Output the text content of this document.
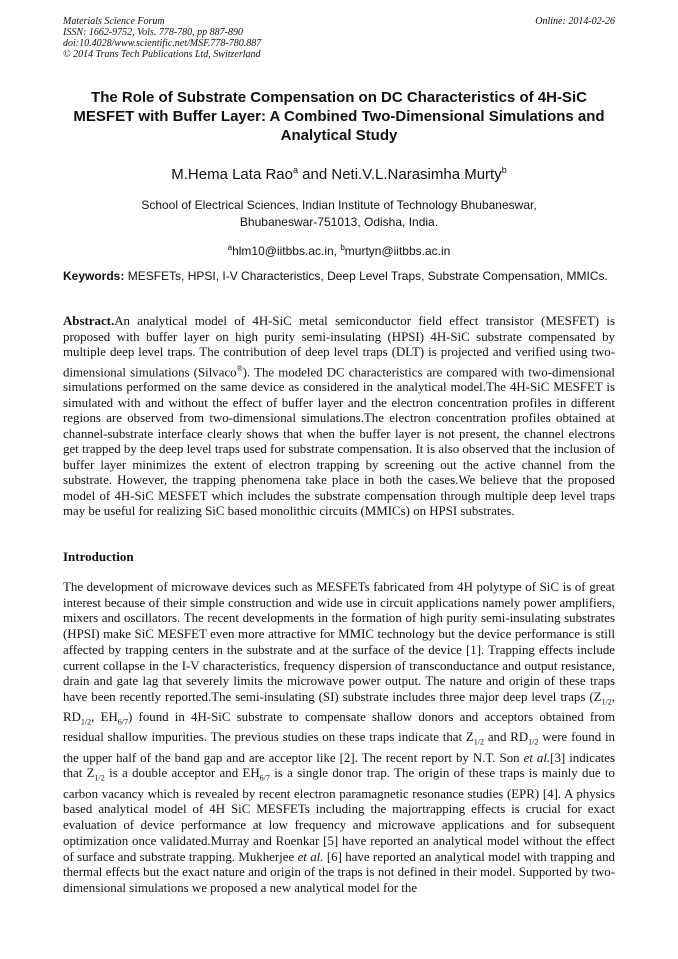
Materials Science Forum
ISSN: 1662-9752, Vols. 778-780, pp 887-890
doi:10.4028/www.scientific.net/MSF.778-780.887
© 2014 Trans Tech Publications Ltd, Switzerland
Online: 2014-02-26
The Role of Substrate Compensation on DC Characteristics of 4H-SiC MESFET with Buffer Layer: A Combined Two-Dimensional Simulations and Analytical Study
M.Hema Lata Rao$^a$ and Neti.V.L.Narasimha Murty$^b$
School of Electrical Sciences, Indian Institute of Technology Bhubaneswar,
Bhubaneswar-751013, Odisha, India.
$^a$hlm10@iitbbs.ac.in, $^b$murtyn@iitbbs.ac.in
Keywords: MESFETs, HPSI, I-V Characteristics, Deep Level Traps, Substrate Compensation, MMICs.
Abstract.An analytical model of 4H-SiC metal semiconductor field effect transistor (MESFET) is proposed with buffer layer on high purity semi-insulating (HPSI) 4H-SiC substrate compensated by multiple deep level traps. The contribution of deep level traps (DLT) is projected and verified using two-dimensional simulations (Silvaco®). The modeled DC characteristics are compared with two-dimensional simulations performed on the same device as considered in the analytical model.The 4H-SiC MESFET is simulated with and without the effect of buffer layer and the electron concentration profiles in different regions are observed from two-dimensional simulations.The electron concentration profiles obtained at channel-substrate interface clearly shows that when the buffer layer is not present, the channel electrons get trapped by the deep level traps used for substrate compensation. It is also observed that the inclusion of buffer layer minimizes the extent of electron trapping by screening out the active channel from the substrate. However, the trapping phenomena take place in both the cases.We believe that the proposed model of 4H-SiC MESFET which includes the substrate compensation through multiple deep level traps may be useful for realizing SiC based monolithic circuits (MMICs) on HPSI substrates.
Introduction
The development of microwave devices such as MESFETs fabricated from 4H polytype of SiC is of great interest because of their simple construction and wide use in circuit applications namely power amplifiers, mixers and oscillators. The recent developments in the formation of high purity semi-insulating substrates (HPSI) make SiC MESFET even more attractive for MMIC technology but the device performance is still affected by trapping centers in the substrate and at the surface of the device [1]. Trapping effects include current collapse in the I-V characteristics, frequency dispersion of transconductance and output resistance, drain and gate lag that severely limits the microwave power output. The nature and origin of these traps have been recently reported.The semi-insulating (SI) substrate includes three major deep level traps ($Z_{1/2}$, $RD_{1/2}$, $EH_{6/7}$) found in 4H-SiC substrate to compensate shallow donors and acceptors obtained from residual shallow impurities. The previous studies on these traps indicate that $Z_{1/2}$ and $RD_{1/2}$ were found in the upper half of the band gap and are acceptor like [2]. The recent report by N.T. Son et al.[3] indicates that $Z_{1/2}$ is a double acceptor and $EH_{6/7}$ is a single donor trap. The origin of these traps is mainly due to carbon vacancy which is revealed by recent electron paramagnetic resonance studies (EPR) [4]. A physics based analytical model of 4H SiC MESFETs including the majortrapping effects is crucial for exact evaluation of device performance at low frequency and microwave applications and for subsequent optimization once validated.Murray and Roenkar [5] have reported an analytical model without the effect of surface and substrate trapping. Mukherjee et al. [6] have reported an analytical model with trapping and thermal effects but the exact nature and origin of the traps is not defined in their model. Supported by two-dimensional simulations we proposed a new analytical model for the
